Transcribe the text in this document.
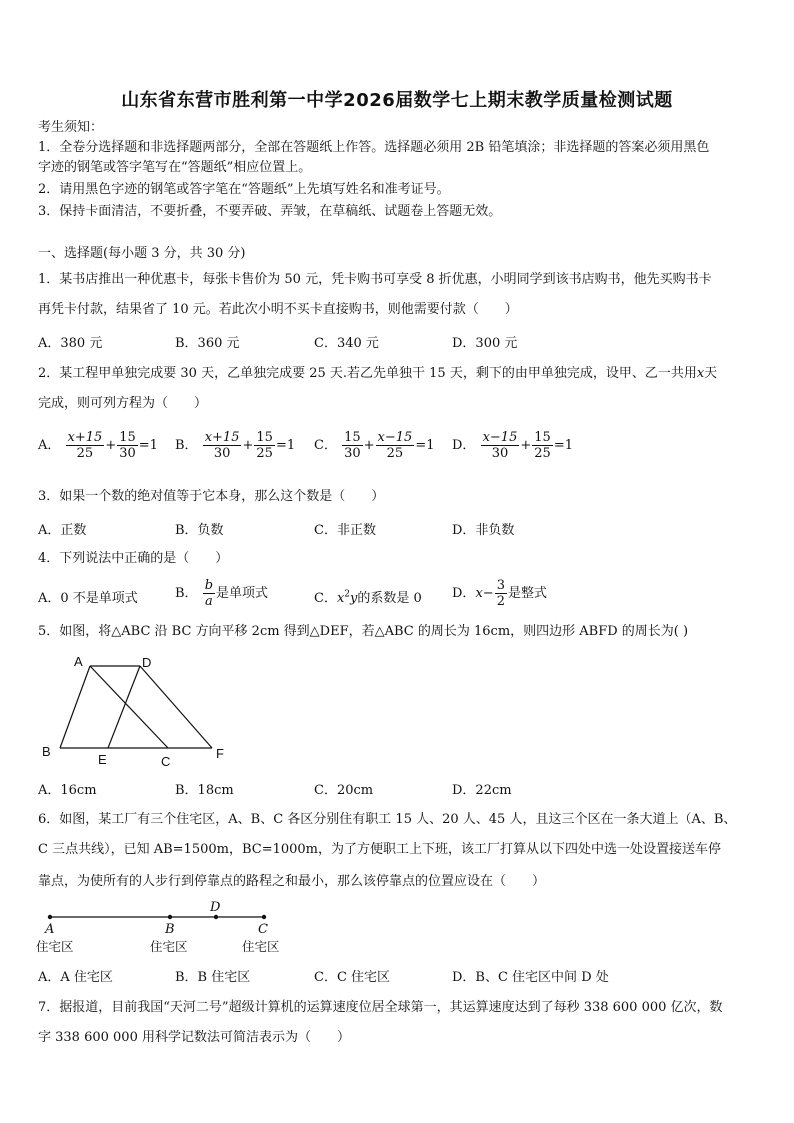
山东省东营市胜利第一中学2026届数学七上期末教学质量检测试题
考生须知：
1．全卷分选择题和非选择题两部分，全部在答题纸上作答。选择题必须用 2B 铅笔填涂；非选择题的答案必须用黑色
字迹的钢笔或答字笔写在“答题纸”相应位置上。
2．请用黑色字迹的钢笔或答字笔在“答题纸”上先填写姓名和准考证号。
3．保持卡面清洁，不要折叠，不要弄破、弄皱，在草稿纸、试题卷上答题无效。
一、选择题(每小题 3 分，共 30 分)
1．某书店推出一种优惠卡，每张卡售价为 50 元，凭卡购书可享受 8 折优惠，小明同学到该书店购书，他先买购书卡
再凭卡付款，结果省了 10 元。若此次小明不买卡直接购书，则他需要付款（　　）
A．380 元	B．360 元	C．340 元	D．300 元
2．某工程甲单独完成要 30 天，乙单独完成要 25 天.若乙先单独干 15 天，剩下的由甲单独完成，设甲、乙一共用x天
完成，则可列方程为（　　）
A． $\frac{x+15}{25} + \frac{15}{30} =1$ B． $\frac{x+15}{30} + \frac{15}{25} =1$ C． $\frac{15}{30} + \frac{x-15}{25} =1$ D． $\frac{x-15}{30} + \frac{15}{25} =1$
3．如果一个数的绝对值等于它本身，那么这个数是（　　）
A．正数	B．负数	C．非正数	D．非负数
4．下列说法中正确的是（　　）
A．0 不是单项式	B． $\frac{b}{a}$ 是单项式	C．$x^2y$的系数是 0 D．$x- \frac{3}{2}$ 是整式
5．如图，将△ABC 沿 BC 方向平移 2cm 得到△DEF，若△ABC 的周长为 16cm，则四边形 ABFD 的周长为( )
A	D
B
E	C
F
A．16cm	B．18cm	C．20cm	D．22cm
6．如图，某工厂有三个住宅区，A、B、C 各区分别住有职工 15 人、20 人、45 人，且这三个区在一条大道上（A、B、
C 三点共线），已知 AB=1500m，BC=1000m，为了方便职工上下班，该工厂打算从以下四处中选一处设置接送车停
靠点，为使所有的人步行到停靠点的路程之和最小，那么该停靠点的位置应设在（　　）
D
A	B	C
住宅区	住宅区	住宅区
A．A 住宅区	B．B 住宅区	C．C 住宅区	D．B、C 住宅区中间 D 处
7．据报道，目前我国“天河二号”超级计算机的运算速度位居全球第一，其运算速度达到了每秒 338 600 000 亿次，数
字 338 600 000 用科学记数法可简洁表示为（　　）
